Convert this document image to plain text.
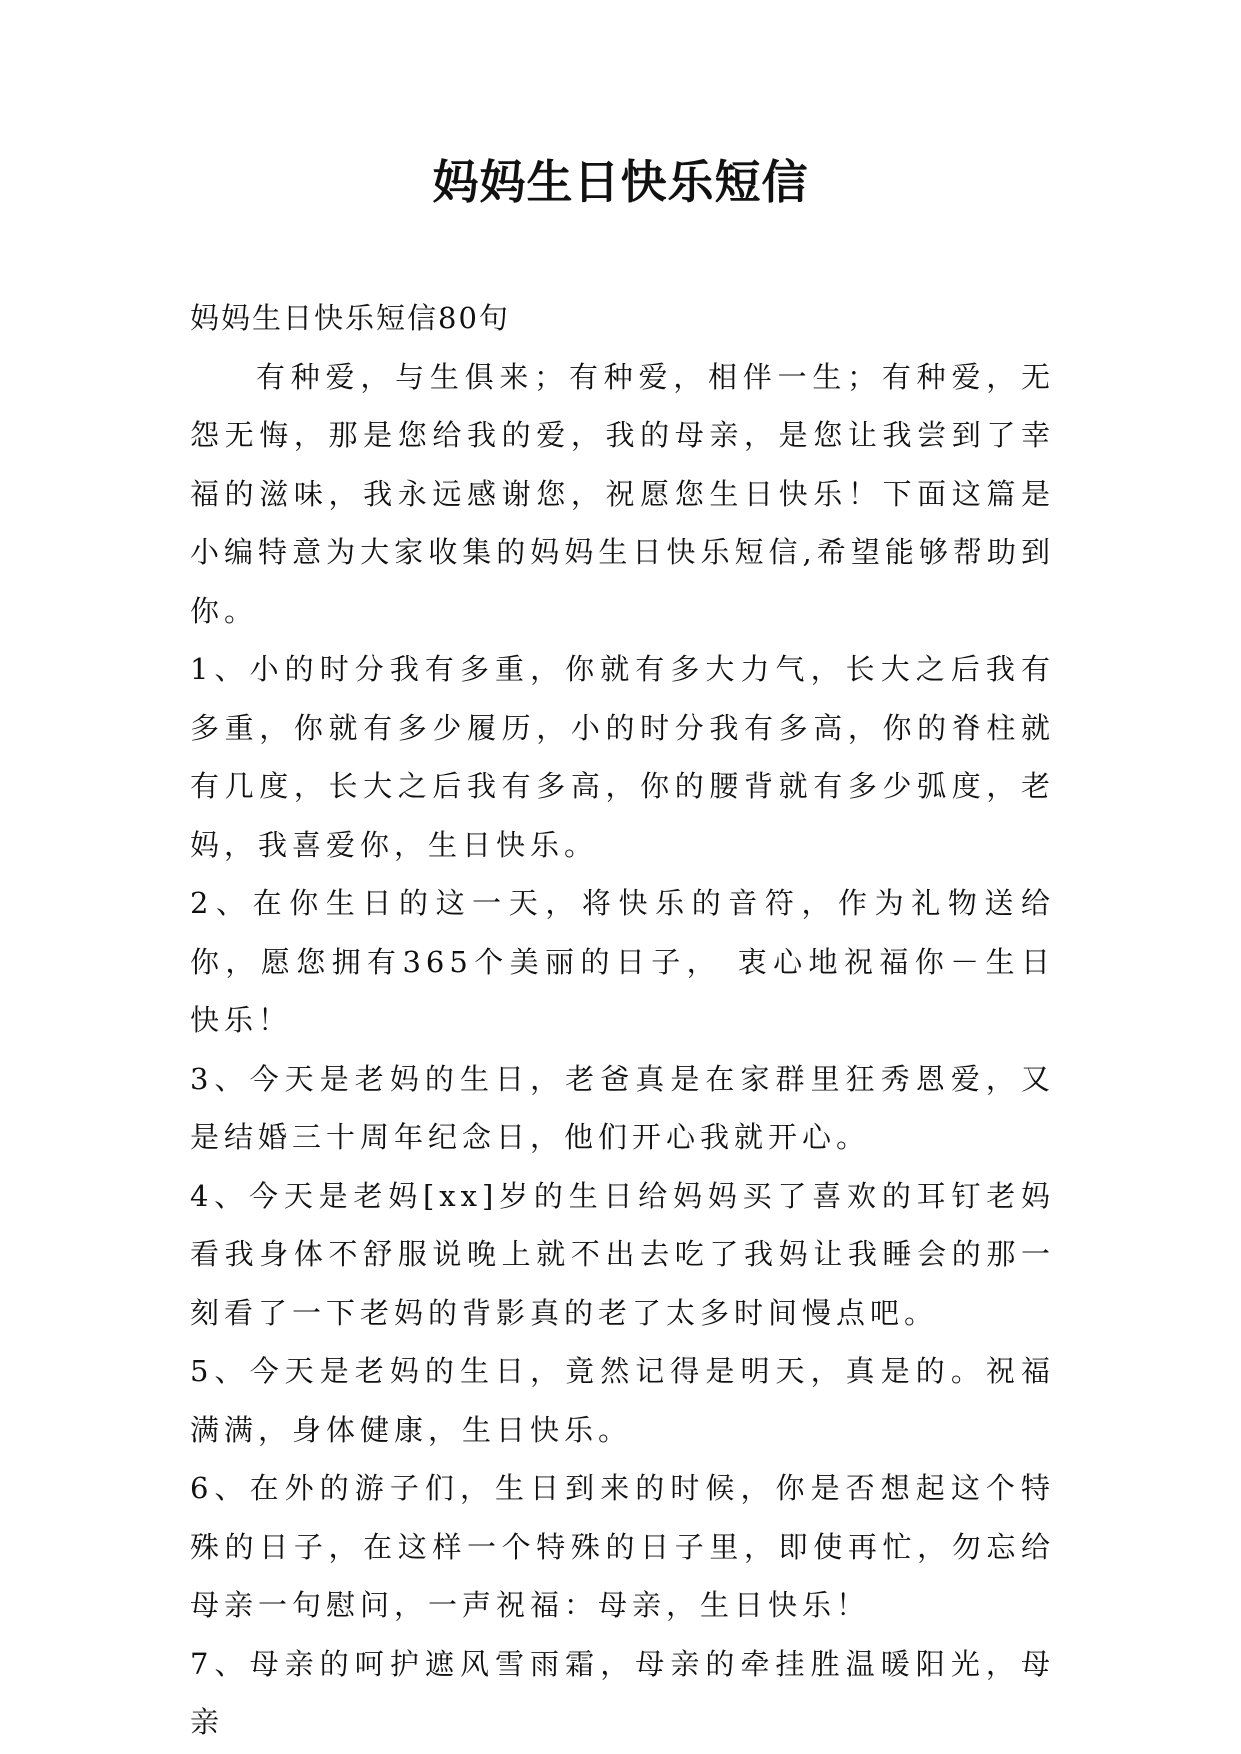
妈妈生日快乐短信

妈妈生日快乐短信80句

有种爱，与生俱来；有种爱，相伴一生；有种爱，无怨无悔，那是您给我的爱，我的母亲，是您让我尝到了幸福的滋味，我永远感谢您，祝愿您生日快乐！下面这篇是小编特意为大家收集的妈妈生日快乐短信,希望能够帮助到你。

1、小的时分我有多重，你就有多大力气，长大之后我有多重，你就有多少履历，小的时分我有多高，你的脊柱就有几度，长大之后我有多高，你的腰背就有多少弧度，老妈，我喜爱你，生日快乐。

2、在你生日的这一天，将快乐的音符，作为礼物送给你，愿您拥有365个美丽的日子， 衷心地祝福你－生日快乐！

3、今天是老妈的生日，老爸真是在家群里狂秀恩爱，又是结婚三十周年纪念日，他们开心我就开心。

4、今天是老妈[xx]岁的生日给妈妈买了喜欢的耳钉老妈看我身体不舒服说晚上就不出去吃了我妈让我睡会的那一刻看了一下老妈的背影真的老了太多时间慢点吧。

5、今天是老妈的生日，竟然记得是明天，真是的。祝福满满，身体健康，生日快乐。

6、在外的游子们，生日到来的时候，你是否想起这个特殊的日子，在这样一个特殊的日子里，即使再忙，勿忘给母亲一句慰问，一声祝福：母亲，生日快乐！

7、母亲的呵护遮风雪雨霜，母亲的牵挂胜温暖阳光，母亲
